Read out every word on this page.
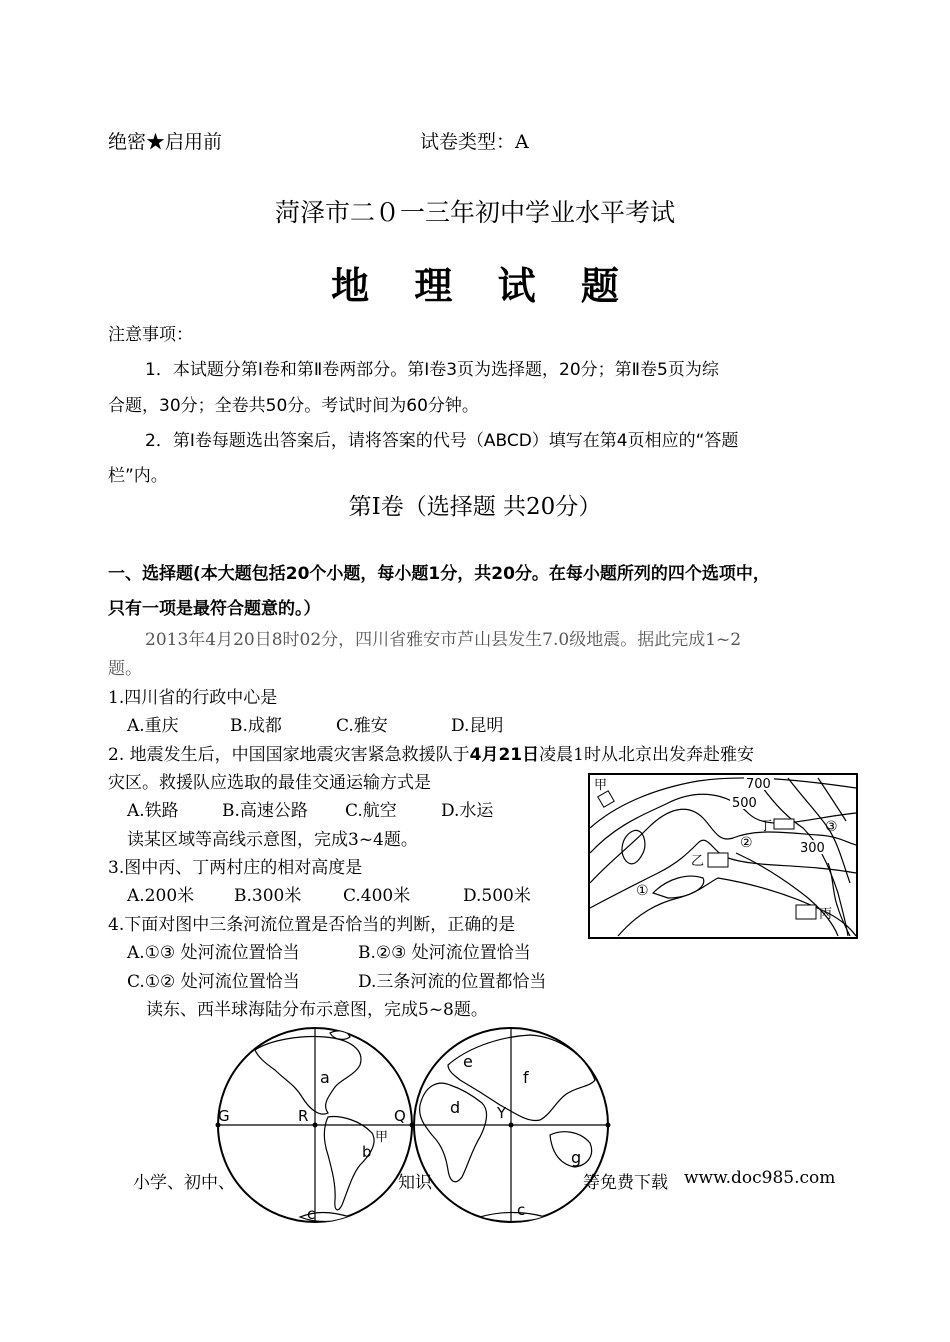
绝密★启用前	试卷类型：A
菏泽市二０一三年初中学业水平考试
地 理 试 题
注意事项：
1．本试题分第Ⅰ卷和第Ⅱ卷两部分。第Ⅰ卷3页为选择题，20分；第Ⅱ卷5页为综
合题，30分；全卷共50分。考试时间为60分钟。
2．第Ⅰ卷每题选出答案后，请将答案的代号（ABCD）填写在第4页相应的“答题
栏”内。
第Ⅰ卷（选择题 共20分）
一、选择题(本大题包括20个小题，每小题1分，共20分。在每小题所列的四个选项中，
只有一项是最符合题意的。）
2013年4月20日8时02分，四川省雅安市芦山县发生7.0级地震。据此完成1~2
题。
1.四川省的行政中心是
A.重庆	B.成都	C.雅安	D.昆明
2. 地震发生后，中国国家地震灾害紧急救援队于4月21日凌晨1时从北京出发奔赴雅安
灾区。救援队应选取的最佳交通运输方式是
A.铁路	B.高速公路 C.航空	D.水运
读某区域等高线示意图，完成3~4题。
3.图中丙、丁两村庄的相对高度是
A.200米 B.300米 C.400米	D.500米
4.下面对图中三条河流位置是否恰当的判断，正确的是
A.①③ 处河流位置恰当	B.②③ 处河流位置恰当
C.①② 处河流位置恰当	D.三条河流的位置都恰当
读东、西半球海陆分布示意图，完成5~8题。
甲
乙
丙
丁
700
500
300
①
②
③
G	R	Q
a
b
c
甲
e
f
d Y
g
c
小学、初中、	知识	等免费下载 www.doc985.com
